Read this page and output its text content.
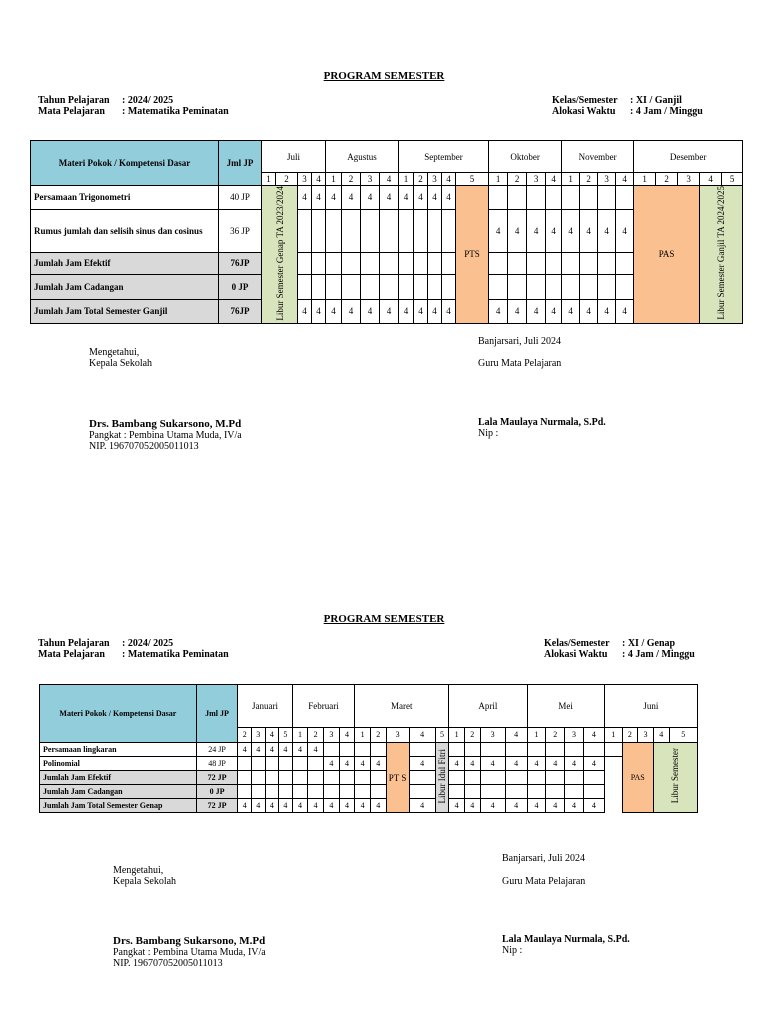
PROGRAM SEMESTER
Tahun Pelajaran : 2024/ 2025
Mata Pelajaran : Matematika Peminatan
Kelas/Semester : XI / Ganjil
Alokasi Waktu : 4 Jam / Minggu
Materi Pokok / Kompetensi Dasar	Jml JP	Juli				Agustus				September					Oktober				November				Desember				
		1	2	3	4	1	2	3	4	1	2	3	4	5	1	2	3	4	1	2	3	4	1	2	3	4	5
Persamaan Trigonometri	40 JP	Libur Semester Genap TA 2023/2024		4	4	4	4	4	4	4	4	4	4	PTS									PAS			Libur Semester Ganjil TA 2024/2025	
Rumus jumlah dan selisih sinus dan cosinus	36 JP														4	4	4	4	4	4	4	4					
Jumlah Jam Efektif	76JP																										
Jumlah Jam Cadangan	0 JP																										
Jumlah Jam Total Semester Ganjil	76JP			4	4	4	4	4	4	4	4	4	4		4	4	4	4	4	4	4	4					
Mengetahui,
Kepala Sekolah
Drs. Bambang Sukarsono, M.Pd
Pangkat : Pembina Utama Muda, IV/a
NIP. 196707052005011013
Banjarsari, Juli 2024
Guru Mata Pelajaran
Lala Maulaya Nurmala, S.Pd.
Nip :
PROGRAM SEMESTER
Tahun Pelajaran : 2024/ 2025
Mata Pelajaran : Matematika Peminatan
Kelas/Semester : XI / Genap
Alokasi Waktu : 4 Jam / Minggu
Materi Pokok / Kompetensi Dasar	Jml JP	Januari				Februari				Maret					April				Mei				Juni				
		2	3	4	5	1	2	3	4	1	2	3	4	5	1	2	3	4	1	2	3	4	1	2	3	4	5
Persamaan lingkaran	24 JP	4	4	4	4	4	4					PT S		Libur Idul Fitri										PAS		Libur Semester	
Polinomial	48 JP							4	4	4	4		4		4	4	4	4	4	4	4	4					
Jumlah Jam Efektif	72 JP																										
Jumlah Jam Cadangan	0 JP																										
Jumlah Jam Total Semester Genap	72 JP	4	4	4	4	4	4	4	4	4	4		4		4	4	4	4	4	4	4	4					
Mengetahui,
Kepala Sekolah
Drs. Bambang Sukarsono, M.Pd
Pangkat : Pembina Utama Muda, IV/a
NIP. 196707052005011013
Banjarsari, Juli 2024
Guru Mata Pelajaran
Lala Maulaya Nurmala, S.Pd.
Nip :
